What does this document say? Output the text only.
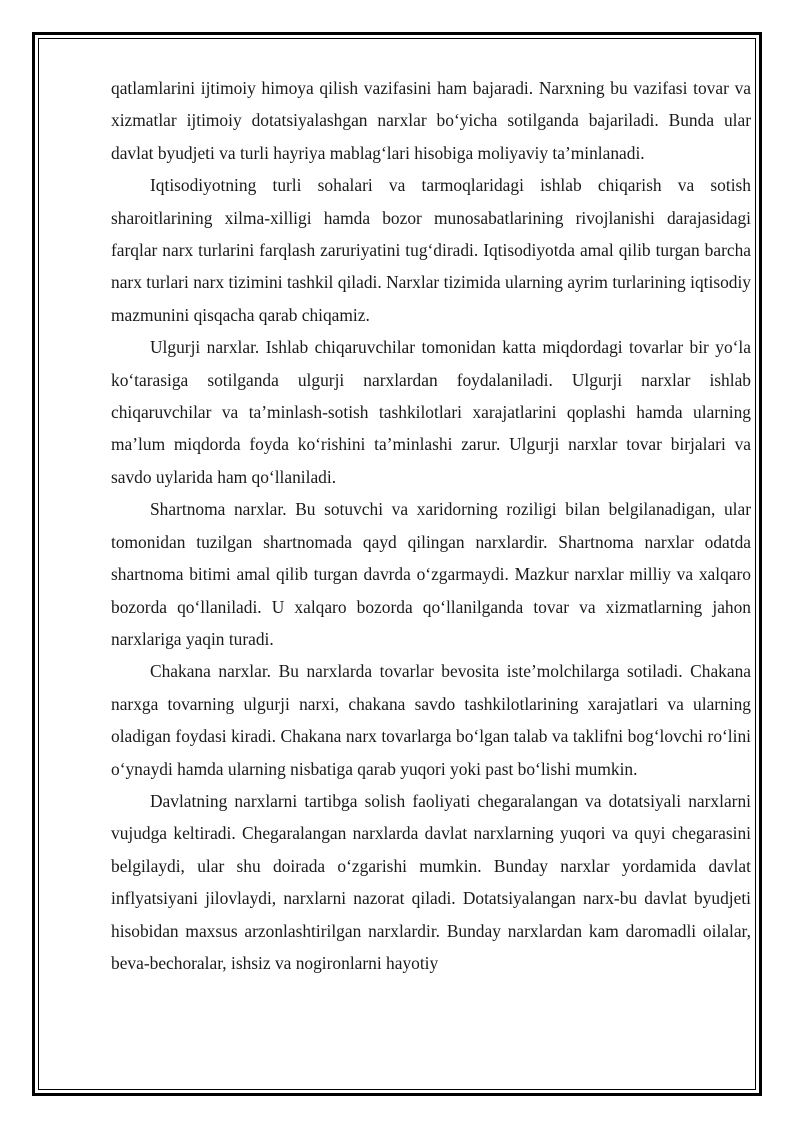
qatlamlarini ijtimoiy himoya qilish vazifasini ham bajaradi. Narxning bu vazifasi tovar va xizmatlar ijtimoiy dotatsiyalashgan narxlar bo‘yicha sotilganda bajariladi. Bunda ular davlat byudjeti va turli hayriya mablag‘lari hisobiga moliyaviy ta’minlanadi.

Iqtisodiyotning turli sohalari va tarmoqlaridagi ishlab chiqarish va sotish sharoitlarining xilma-xilligi hamda bozor munosabatlarining rivojlanishi darajasidagi farqlar narx turlarini farqlash zaruriyatini tug‘diradi. Iqtisodiyotda amal qilib turgan barcha narx turlari narx tizimini tashkil qiladi. Narxlar tizimida ularning ayrim turlarining iqtisodiy mazmunini qisqacha qarab chiqamiz.

Ulgurji narxlar. Ishlab chiqaruvchilar tomonidan katta miqdordagi tovarlar bir yo‘la ko‘tarasiga sotilganda ulgurji narxlardan foydalaniladi. Ulgurji narxlar ishlab chiqaruvchilar va ta’minlash-sotish tashkilotlari xarajatlarini qoplashi hamda ularning ma’lum miqdorda foyda ko‘rishini ta’minlashi zarur. Ulgurji narxlar tovar birjalari va savdo uylarida ham qo‘llaniladi.

Shartnoma narxlar. Bu sotuvchi va xaridorning roziligi bilan belgilanadigan, ular tomonidan tuzilgan shartnomada qayd qilingan narxlardir. Shartnoma narxlar odatda shartnoma bitimi amal qilib turgan davrda o‘zgarmaydi. Mazkur narxlar milliy va xalqaro bozorda qo‘llaniladi. U xalqaro bozorda qo‘llanilganda tovar va xizmatlarning jahon narxlariga yaqin turadi.

Chakana narxlar. Bu narxlarda tovarlar bevosita iste’molchilarga sotiladi. Chakana narxga tovarning ulgurji narxi, chakana savdo tashkilotlarining xarajatlari va ularning oladigan foydasi kiradi. Chakana narx tovarlarga bo‘lgan talab va taklifni bog‘lovchi ro‘lini o‘ynaydi hamda ularning nisbatiga qarab yuqori yoki past bo‘lishi mumkin.

Davlatning narxlarni tartibga solish faoliyati chegaralangan va dotatsiyali narxlarni vujudga keltiradi. Chegaralangan narxlarda davlat narxlarning yuqori va quyi chegarasini belgilaydi, ular shu doirada o‘zgarishi mumkin. Bunday narxlar yordamida davlat inflyatsiyani jilovlaydi, narxlarni nazorat qiladi. Dotatsiyalangan narx-bu davlat byudjeti hisobidan maxsus arzonlashtirilgan narxlardir. Bunday narxlardan kam daromadli oilalar, beva-bechoralar, ishsiz va nogironlarni hayotiy
